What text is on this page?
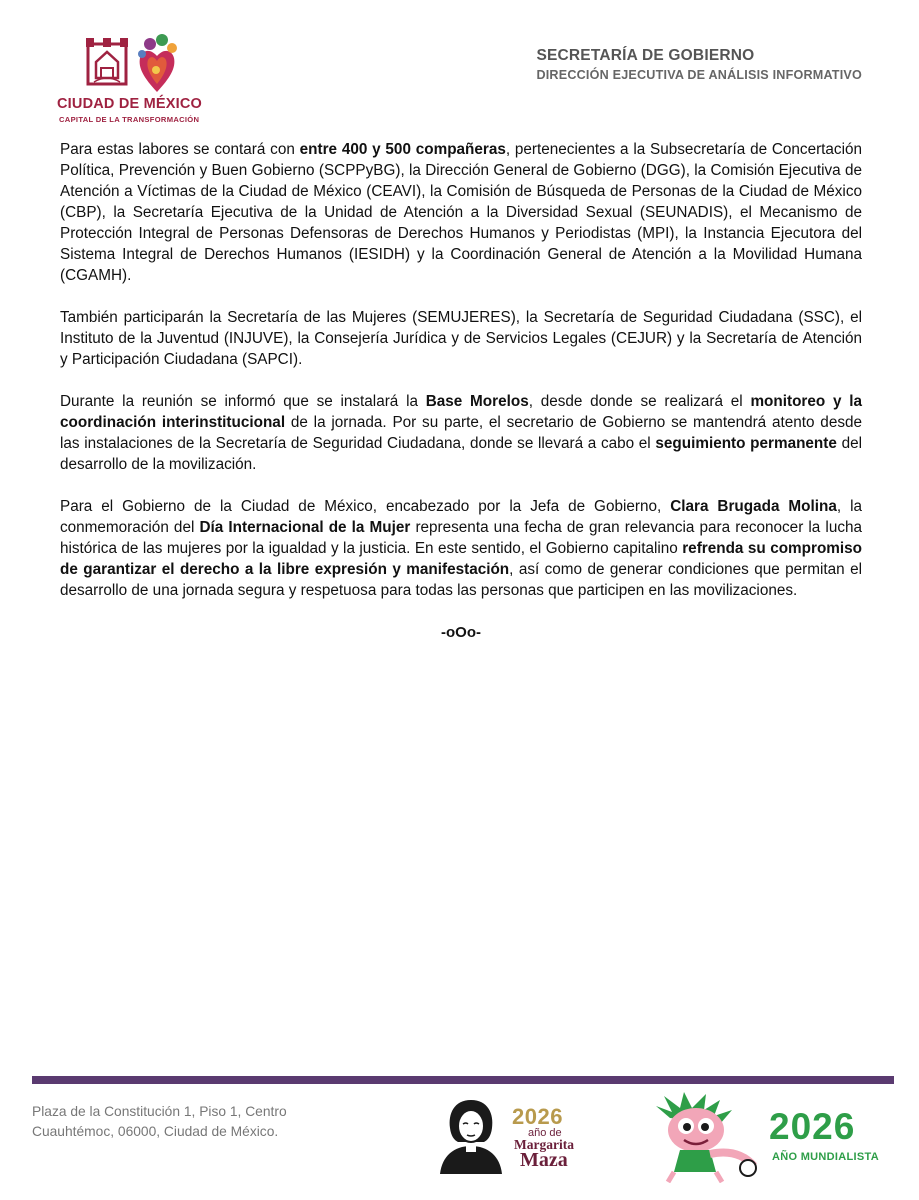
CIUDAD DE MÉXICO
CAPITAL DE LA TRANSFORMACIÓN
SECRETARÍA DE GOBIERNO
DIRECCIÓN EJECUTIVA DE ANÁLISIS INFORMATIVO

Para estas labores se contará con entre 400 y 500 compañeras, pertenecientes a la Subsecretaría de Concertación Política, Prevención y Buen Gobierno (SCPPyBG), la Dirección General de Gobierno (DGG), la Comisión Ejecutiva de Atención a Víctimas de la Ciudad de México (CEAVI), la Comisión de Búsqueda de Personas de la Ciudad de México (CBP), la Secretaría Ejecutiva de la Unidad de Atención a la Diversidad Sexual (SEUNADIS), el Mecanismo de Protección Integral de Personas Defensoras de Derechos Humanos y Periodistas (MPI), la Instancia Ejecutora del Sistema Integral de Derechos Humanos (IESIDH) y la Coordinación General de Atención a la Movilidad Humana (CGAMH).

También participarán la Secretaría de las Mujeres (SEMUJERES), la Secretaría de Seguridad Ciudadana (SSC), el Instituto de la Juventud (INJUVE), la Consejería Jurídica y de Servicios Legales (CEJUR) y la Secretaría de Atención y Participación Ciudadana (SAPCI).

Durante la reunión se informó que se instalará la Base Morelos, desde donde se realizará el monitoreo y la coordinación interinstitucional de la jornada. Por su parte, el secretario de Gobierno se mantendrá atento desde las instalaciones de la Secretaría de Seguridad Ciudadana, donde se llevará a cabo el seguimiento permanente del desarrollo de la movilización.

Para el Gobierno de la Ciudad de México, encabezado por la Jefa de Gobierno, Clara Brugada Molina, la conmemoración del Día Internacional de la Mujer representa una fecha de gran relevancia para reconocer la lucha histórica de las mujeres por la igualdad y la justicia. En este sentido, el Gobierno capitalino refrenda su compromiso de garantizar el derecho a la libre expresión y manifestación, así como de generar condiciones que permitan el desarrollo de una jornada segura y respetuosa para todas las personas que participen en las movilizaciones.

-oOo-
Plaza de la Constitución 1, Piso 1, Centro
Cuauhtémoc, 06000, Ciudad de México.
2026
año de
Margarita
Maza
2026
AÑO MUNDIALISTA
